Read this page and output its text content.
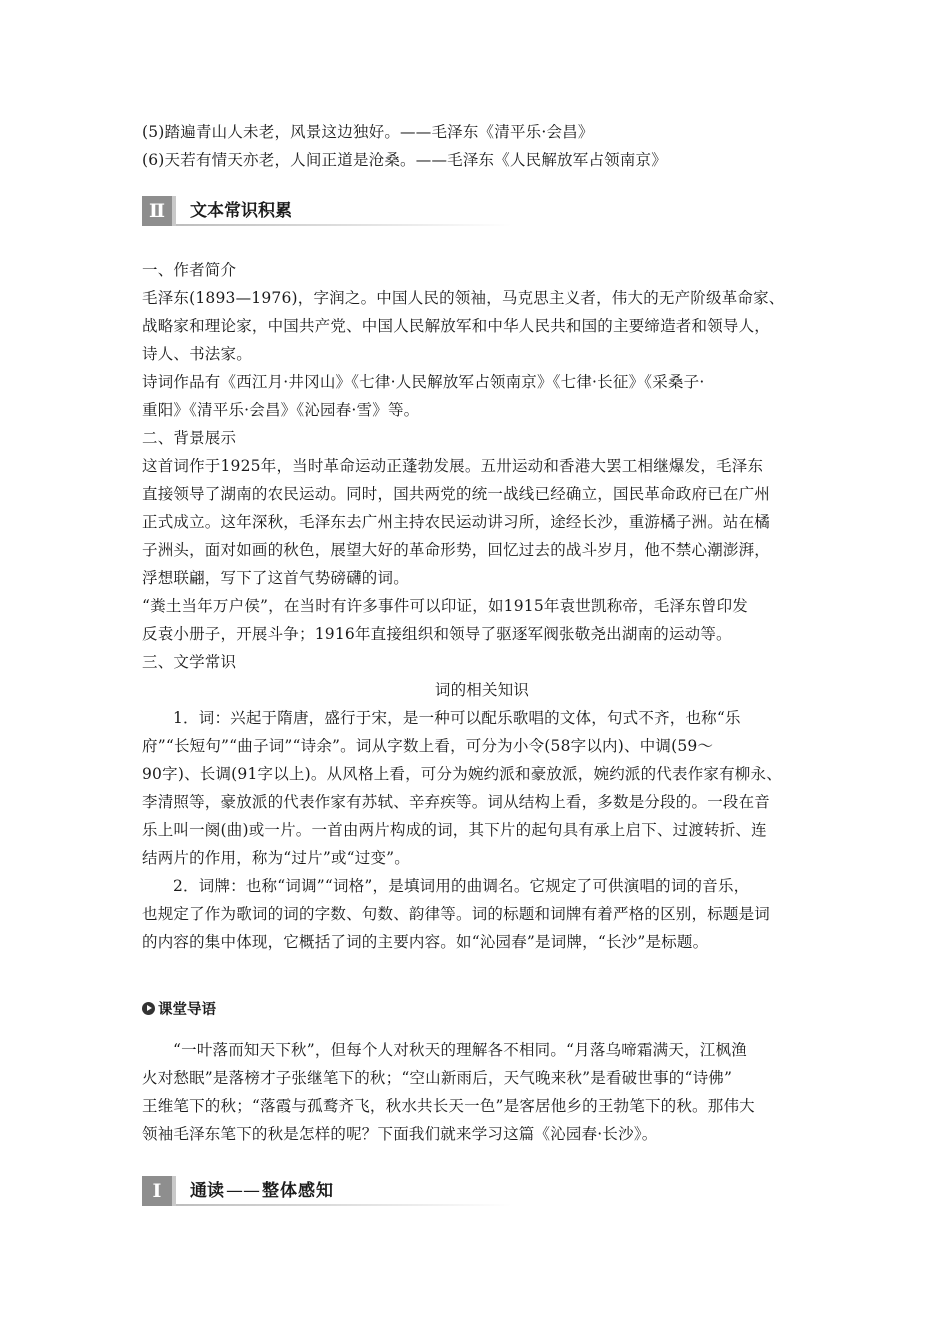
(5)踏遍青山人未老，风景这边独好。——毛泽东《清平乐·会昌》
(6)天若有情天亦老，人间正道是沧桑。——毛泽东《人民解放军占领南京》
Ⅱ	文本常识积累
一、作者简介
毛泽东(1893—1976)，字润之。中国人民的领袖，马克思主义者，伟大的无产阶级革命家、
战略家和理论家，中国共产党、中国人民解放军和中华人民共和国的主要缔造者和领导人，
诗人、书法家。
诗词作品有《西江月·井冈山》《七律·人民解放军占领南京》《七律·长征》《采桑子·
重阳》《清平乐·会昌》《沁园春·雪》等。
二、背景展示
这首词作于1925年，当时革命运动正蓬勃发展。五卅运动和香港大罢工相继爆发，毛泽东
直接领导了湖南的农民运动。同时，国共两党的统一战线已经确立，国民革命政府已在广州
正式成立。这年深秋，毛泽东去广州主持农民运动讲习所，途经长沙，重游橘子洲。站在橘
子洲头，面对如画的秋色，展望大好的革命形势，回忆过去的战斗岁月，他不禁心潮澎湃，
浮想联翩，写下了这首气势磅礴的词。
“粪土当年万户侯”，在当时有许多事件可以印证，如1915年袁世凯称帝，毛泽东曾印发
反袁小册子，开展斗争；1916年直接组织和领导了驱逐军阀张敬尧出湖南的运动等。
三、文学常识
词的相关知识
1．词：兴起于隋唐，盛行于宋，是一种可以配乐歌唱的文体，句式不齐，也称“乐
府”“长短句”“曲子词”“诗余”。词从字数上看，可分为小令(58字以内)、中调(59～
90字)、长调(91字以上)。从风格上看，可分为婉约派和豪放派，婉约派的代表作家有柳永、
李清照等，豪放派的代表作家有苏轼、辛弃疾等。词从结构上看，多数是分段的。一段在音
乐上叫一阕(曲)或一片。一首由两片构成的词，其下片的起句具有承上启下、过渡转折、连
结两片的作用，称为“过片”或“过变”。
2．词牌：也称“词调”“词格”，是填词用的曲调名。它规定了可供演唱的词的音乐，
也规定了作为歌词的词的字数、句数、韵律等。词的标题和词牌有着严格的区别，标题是词
的内容的集中体现，它概括了词的主要内容。如“沁园春”是词牌，“长沙”是标题。
课堂导语
“一叶落而知天下秋”，但每个人对秋天的理解各不相同。“月落乌啼霜满天，江枫渔
火对愁眠”是落榜才子张继笔下的秋；“空山新雨后，天气晚来秋”是看破世事的“诗佛”
王维笔下的秋；“落霞与孤鹜齐飞，秋水共长天一色”是客居他乡的王勃笔下的秋。那伟大
领袖毛泽东笔下的秋是怎样的呢？下面我们就来学习这篇《沁园春·长沙》。
Ⅰ	通读 —— 整体感知
